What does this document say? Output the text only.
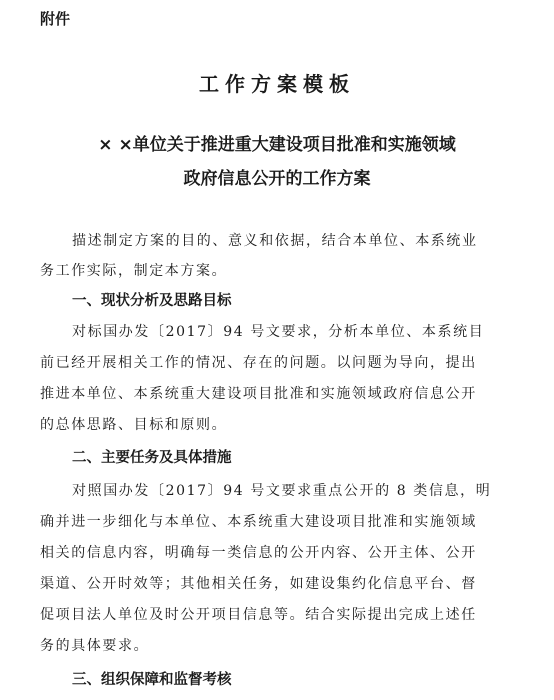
附件
工作方案模板
× ×单位关于推进重大建设项目批准和实施领域
政府信息公开的工作方案
描述制定方案的目的、意义和依据，结合本单位、本系统业
务工作实际，制定本方案。
一、现状分析及思路目标
对标国办发〔2017〕94 号文要求，分析本单位、本系统目
前已经开展相关工作的情况、存在的问题。以问题为导向，提出
推进本单位、本系统重大建设项目批准和实施领域政府信息公开
的总体思路、目标和原则。
二、主要任务及具体措施
对照国办发〔2017〕94 号文要求重点公开的 8 类信息，明
确并进一步细化与本单位、本系统重大建设项目批准和实施领域
相关的信息内容，明确每一类信息的公开内容、公开主体、公开
渠道、公开时效等；其他相关任务，如建设集约化信息平台、督
促项目法人单位及时公开项目信息等。结合实际提出完成上述任
务的具体要求。
三、组织保障和监督考核
